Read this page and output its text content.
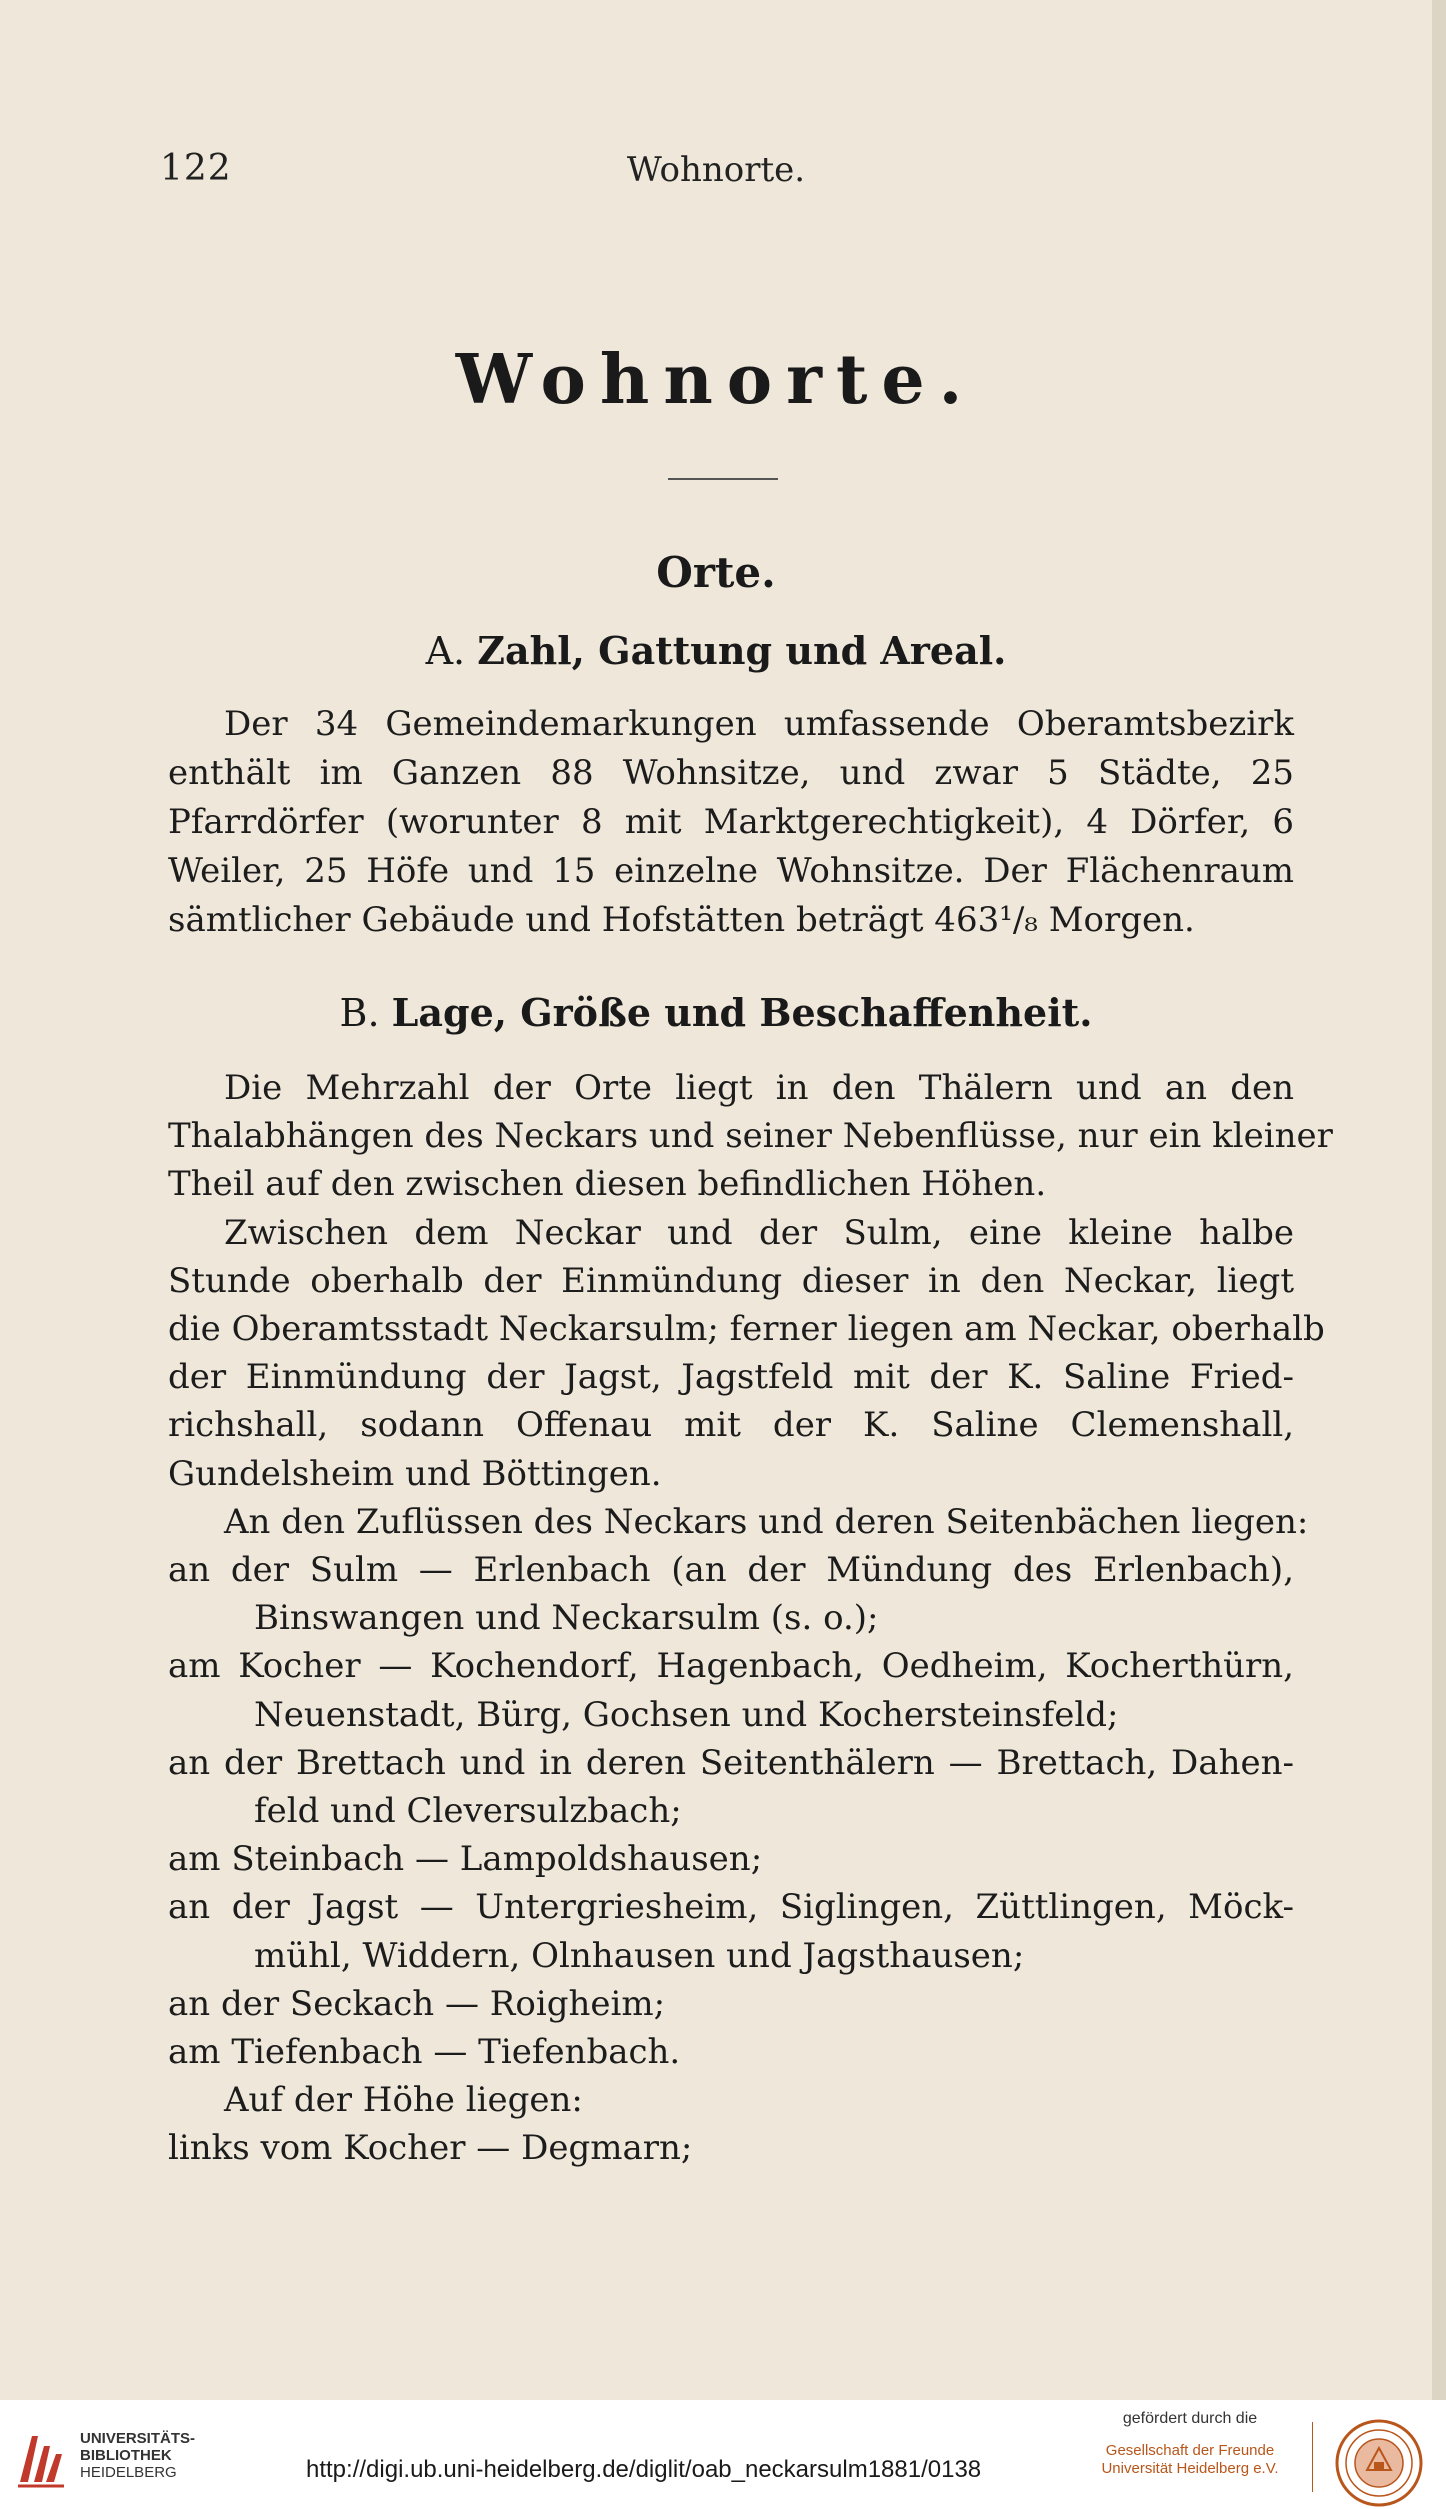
122	Wohnorte.
Wohnorte.
Orte.
A. Zahl, Gattung und Areal.
Der 34 Gemeindemarkungen umfassende Oberamtsbezirk
enthält im Ganzen 88 Wohnsitze, und zwar 5 Städte, 25
Pfarrdörfer (worunter 8 mit Marktgerechtigkeit), 4 Dörfer, 6
Weiler, 25 Höfe und 15 einzelne Wohnsitze. Der Flächenraum
sämtlicher Gebäude und Hofstätten beträgt 463¹/₈ Morgen.
B. Lage, Größe und Beschaffenheit.
Die Mehrzahl der Orte liegt in den Thälern und an den
Thalabhängen des Neckars und seiner Nebenflüsse, nur ein kleiner
Theil auf den zwischen diesen befindlichen Höhen.
Zwischen dem Neckar und der Sulm, eine kleine halbe
Stunde oberhalb der Einmündung dieser in den Neckar, liegt
die Oberamtsstadt Neckarsulm; ferner liegen am Neckar, oberhalb
der Einmündung der Jagst, Jagstfeld mit der K. Saline Fried-
richshall, sodann Offenau mit der K. Saline Clemenshall,
Gundelsheim und Böttingen.
An den Zuflüssen des Neckars und deren Seitenbächen liegen:
an der Sulm — Erlenbach (an der Mündung des Erlenbach),
Binswangen und Neckarsulm (s. o.);
am Kocher — Kochendorf, Hagenbach, Oedheim, Kocherthürn,
Neuenstadt, Bürg, Gochsen und Kochersteinsfeld;
an der Brettach und in deren Seitenthälern — Brettach, Dahen-
feld und Cleversulzbach;
am Steinbach — Lampoldshausen;
an der Jagst — Untergriesheim, Siglingen, Züttlingen, Möck-
mühl, Widdern, Olnhausen und Jagsthausen;
an der Seckach — Roigheim;
am Tiefenbach — Tiefenbach.
Auf der Höhe liegen:
links vom Kocher — Degmarn;
UNIVERSITÄTS-
BIBLIOTHEK
HEIDELBERG	http://digi.ub.uni-heidelberg.de/diglit/oab_neckarsulm1881/0138
gefördert durch die
Gesellschaft der Freunde
Universität Heidelberg e.V.
